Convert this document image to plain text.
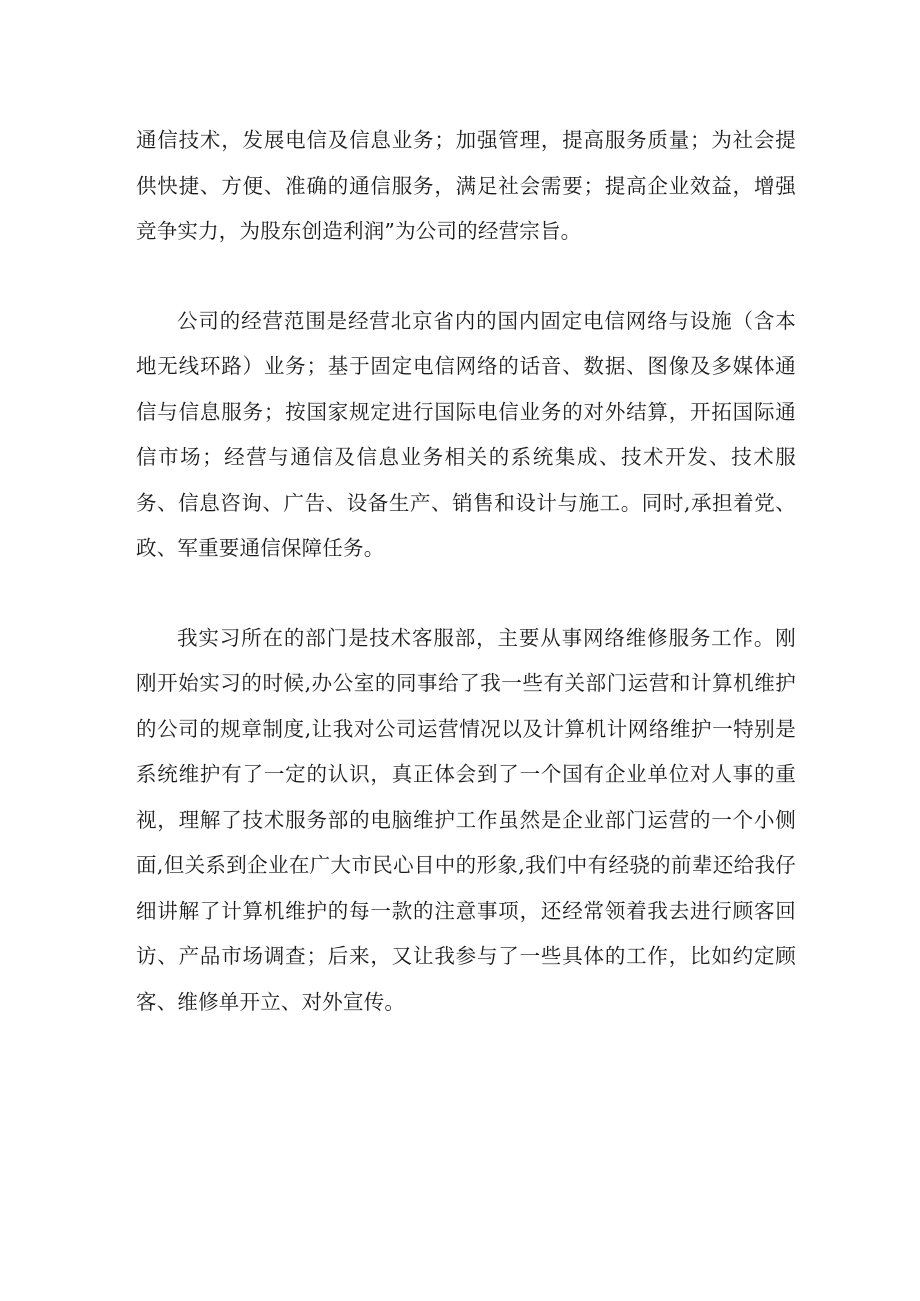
通信技术，发展电信及信息业务；加强管理，提高服务质量；为社会提供快捷、方便、准确的通信服务，满足社会需要；提高企业效益，增强竞争实力，为股东创造利润”为公司的经营宗旨。

公司的经营范围是经营北京省内的国内固定电信网络与设施（含本地无线环路）业务；基于固定电信网络的话音、数据、图像及多媒体通信与信息服务；按国家规定进行国际电信业务的对外结算，开拓国际通信市场；经营与通信及信息业务相关的系统集成、技术开发、技术服务、信息咨询、广告、设备生产、销售和设计与施工。同时,承担着党、政、军重要通信保障任务。

我实习所在的部门是技术客服部，主要从事网络维修服务工作。刚刚开始实习的时候,办公室的同事给了我一些有关部门运营和计算机维护的公司的规章制度,让我对公司运营情况以及计算机计网络维护一特别是系统维护有了一定的认识，真正体会到了一个国有企业单位对人事的重视，理解了技术服务部的电脑维护工作虽然是企业部门运营的一个小侧面,但关系到企业在广大市民心目中的形象,我们中有经骁的前辈还给我仔细讲解了计算机维护的每一款的注意事项，还经常领着我去进行顾客回访、产品市场调查；后来，又让我参与了一些具体的工作，比如约定顾客、维修单开立、对外宣传。
